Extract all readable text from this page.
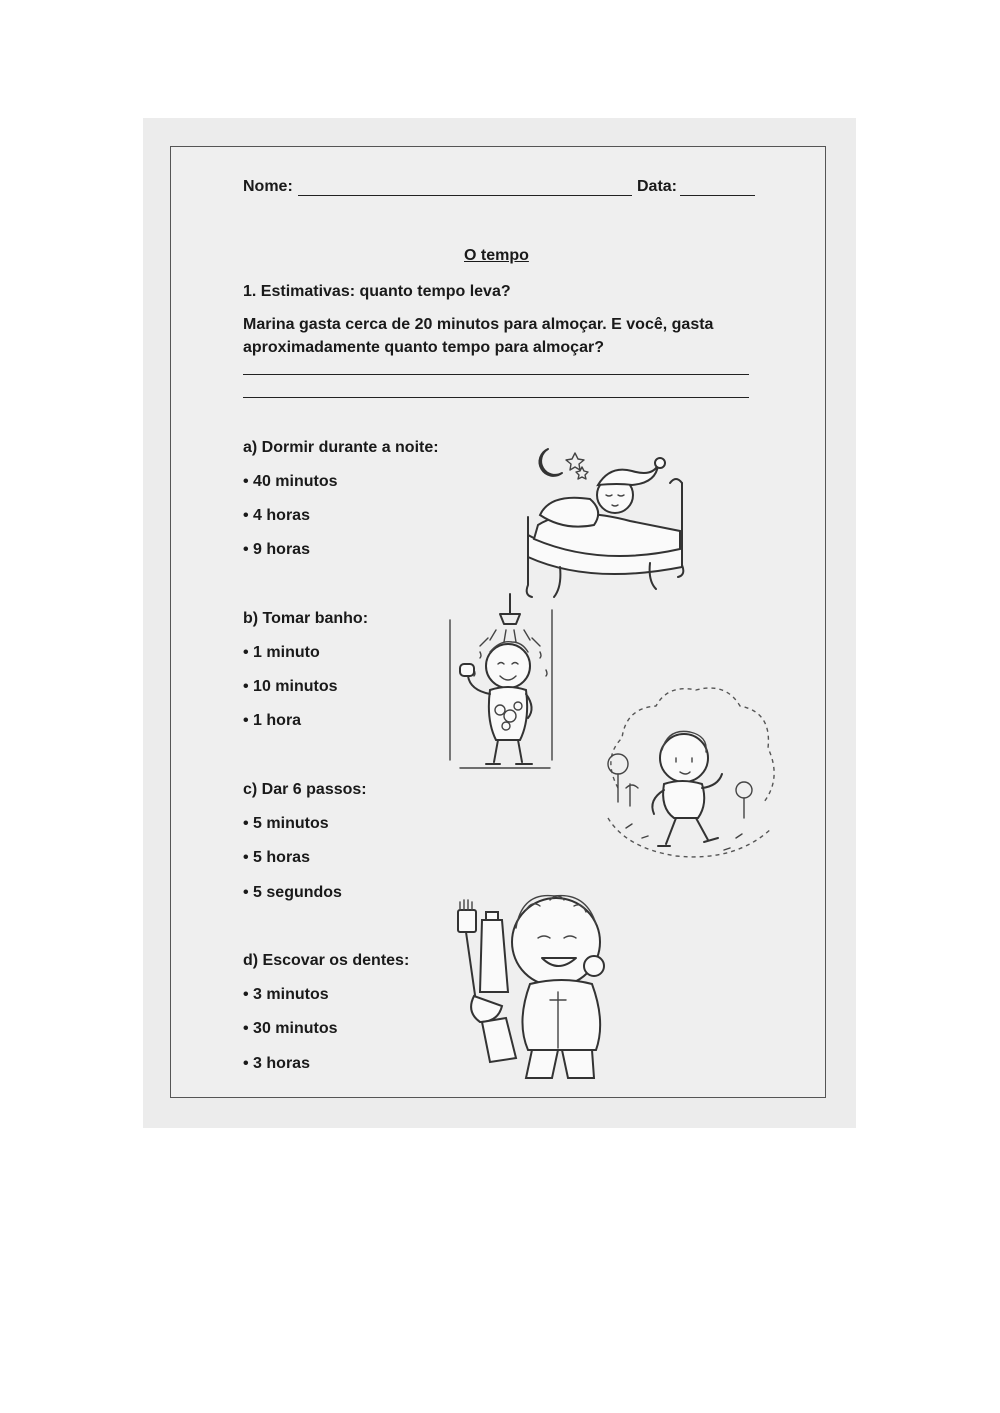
Nome:	Data:
O tempo
1. Estimativas: quanto tempo leva?
Marina gasta cerca de 20 minutos para almoçar. E você, gasta
aproximadamente quanto tempo para almoçar?
a) Dormir durante a noite:
• 40 minutos
• 4 horas
• 9 horas
b) Tomar banho:
• 1 minuto
• 10 minutos
• 1 hora
c) Dar 6 passos:
• 5 minutos
• 5 horas
• 5 segundos
d) Escovar os dentes:
• 3 minutos
• 30 minutos
• 3 horas
